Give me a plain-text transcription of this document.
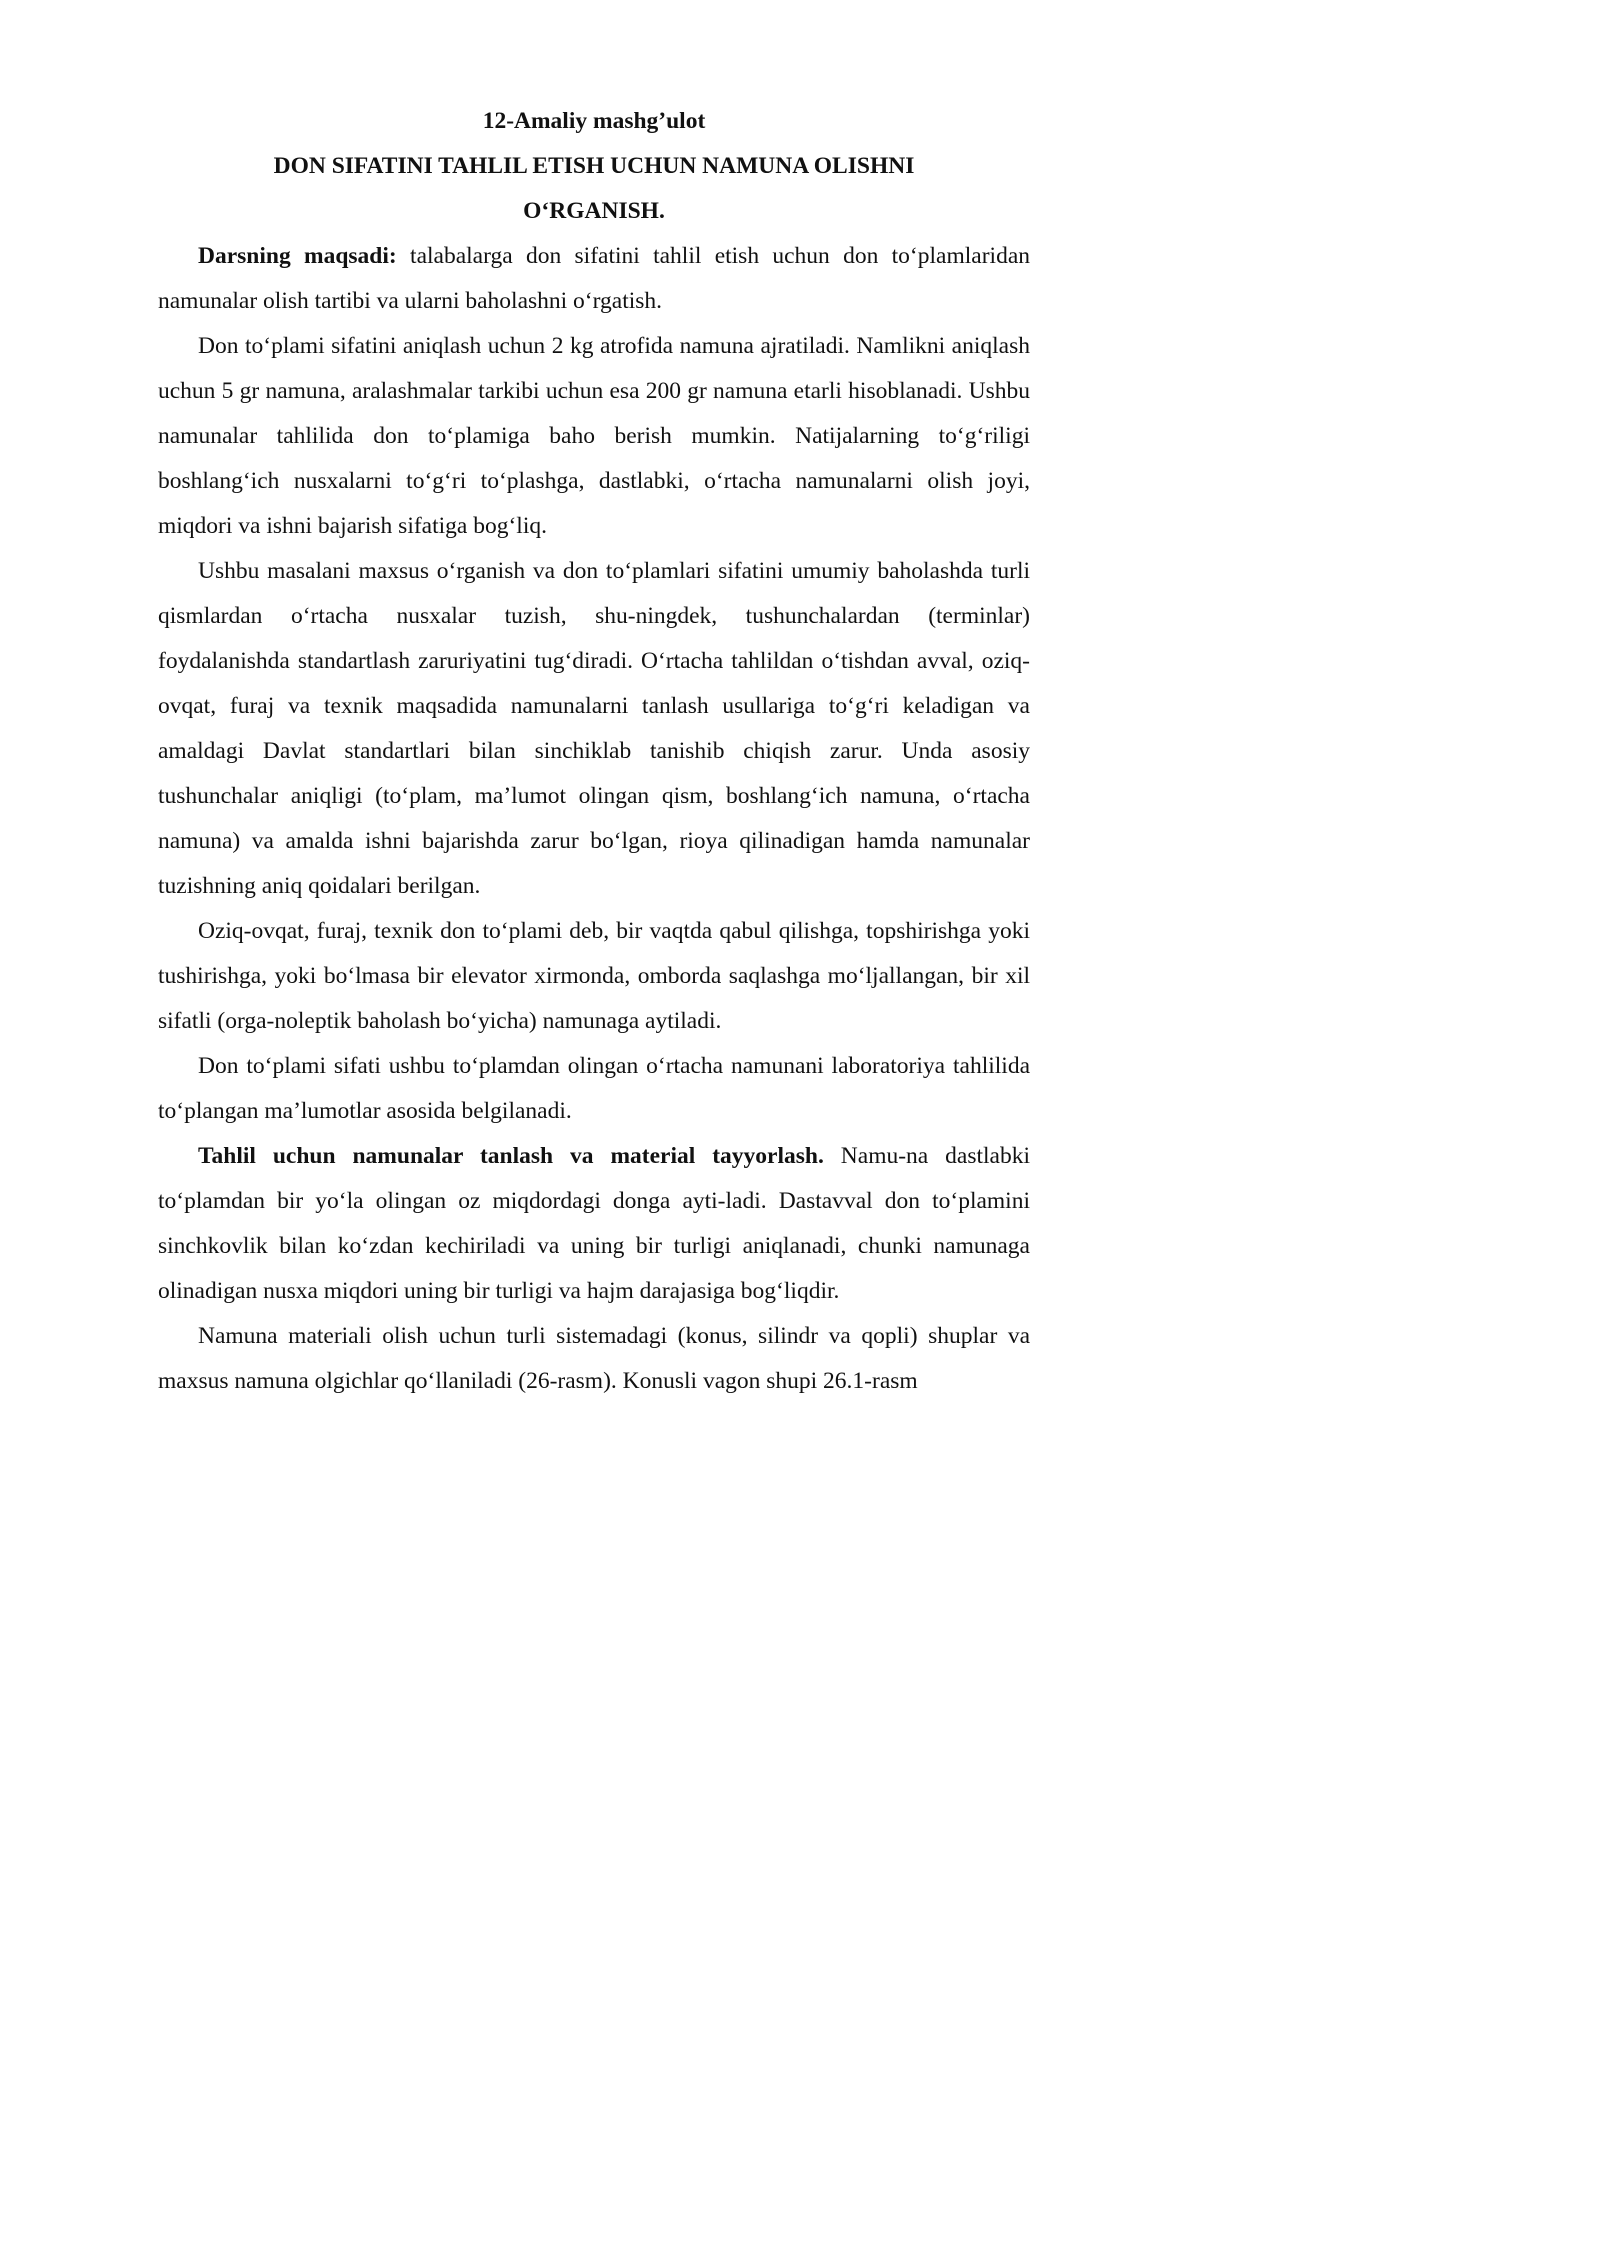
12-Amaliy mashg’ulot
DON SIFATINI TAHLIL ETISH UCHUN NAMUNA OLISHNI
O‘RGANISH.

Darsning maqsadi: talabalarga don sifatini tahlil etish uchun don to‘plamlaridan namunalar olish tartibi va ularni baholashni o‘rgatish.

Don to‘plami sifatini aniqlash uchun 2 kg atrofida namuna ajratiladi. Namlikni aniqlash uchun 5 gr namuna, aralashmalar tarkibi uchun esa 200 gr namuna etarli hisoblanadi. Ushbu namunalar tahlilida don to‘plamiga baho berish mumkin. Natijalarning to‘g‘riligi boshlang‘ich nusxalarni to‘g‘ri to‘plashga, dastlabki, o‘rtacha namunalarni olish joyi, miqdori va ishni bajarish sifatiga bog‘liq.

Ushbu masalani maxsus o‘rganish va don to‘plamlari sifatini umumiy baholashda turli qismlardan o‘rtacha nusxalar tuzish, shu-ningdek, tushunchalardan (terminlar) foydalanishda standartlash zaruriyatini tug‘diradi. O‘rtacha tahlildan o‘tishdan avval, oziq-ovqat, furaj va texnik maqsadida namunalarni tanlash usullariga to‘g‘ri keladigan va amaldagi Davlat standartlari bilan sinchiklab tanishib chiqish zarur. Unda asosiy tushunchalar aniqligi (to‘plam, ma’lumot olingan qism, boshlang‘ich namuna, o‘rtacha namuna) va amalda ishni bajarishda zarur bo‘lgan, rioya qilinadigan hamda namunalar tuzishning aniq qoidalari berilgan.

Oziq-ovqat, furaj, texnik don to‘plami deb, bir vaqtda qabul qilishga, topshirishga yoki tushirishga, yoki bo‘lmasa bir elevator xirmonda, omborda saqlashga mo‘ljallangan, bir xil sifatli (orga-noleptik baholash bo‘yicha) namunaga aytiladi.

Don to‘plami sifati ushbu to‘plamdan olingan o‘rtacha namunani laboratoriya tahlilida to‘plangan ma’lumotlar asosida belgilanadi.

Tahlil uchun namunalar tanlash va material tayyorlash. Namu-na dastlabki to‘plamdan bir yo‘la olingan oz miqdordagi donga ayti-ladi. Dastavval don to‘plamini sinchkovlik bilan ko‘zdan kechiriladi va uning bir turligi aniqlanadi, chunki namunaga olinadigan nusxa miqdori uning bir turligi va hajm darajasiga bog‘liqdir.

Namuna materiali olish uchun turli sistemadagi (konus, silindr va qopli) shuplar va maxsus namuna olgichlar qo‘llaniladi (26-rasm). Konusli vagon shupi 26.1-rasm
